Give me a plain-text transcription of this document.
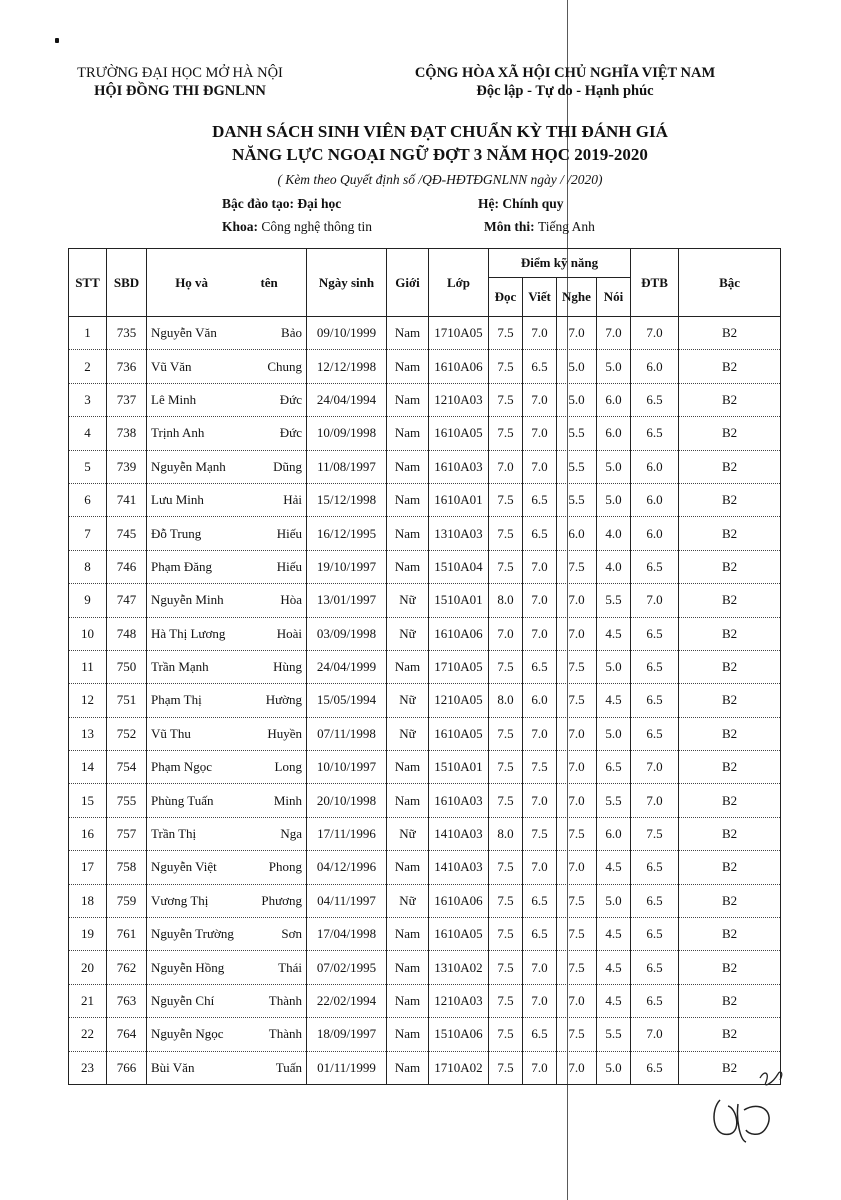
TRƯỜNG ĐẠI HỌC MỞ HÀ NỘI
HỘI ĐỒNG THI ĐGNLNN
CỘNG HÒA XÃ HỘI CHỦ NGHĨA VIỆT NAM
Độc lập - Tự do - Hạnh phúc
DANH SÁCH SINH VIÊN ĐẠT CHUẨN KỲ THI ĐÁNH GIÁ
NĂNG LỰC NGOẠI NGỮ ĐỢT 3 NĂM HỌC 2019-2020
( Kèm theo Quyết định số /QĐ-HĐTĐGNLNN ngày / /2020)
Bậc đào tạo: Đại học	Hệ: Chính quy
Khoa: Công nghệ thông tin	Môn thi: Tiếng Anh
STT	SBD	Họ và tên	Ngày sinh	Giới	Lớp	Điểm kỹ năng				ĐTB	Bậc
						Đọc	Viết	Nghe	Nói		
1	735	Nguyễn Văn Bảo	09/10/1999	Nam	1710A05	7.5	7.0	7.0	7.0	7.0	B2
2	736	Vũ Văn Chung	12/12/1998	Nam	1610A06	7.5	6.5	5.0	5.0	6.0	B2
3	737	Lê Minh Đức	24/04/1994	Nam	1210A03	7.5	7.0	5.0	6.0	6.5	B2
4	738	Trịnh Anh Đức	10/09/1998	Nam	1610A05	7.5	7.0	5.5	6.0	6.5	B2
5	739	Nguyễn Mạnh Dũng	11/08/1997	Nam	1610A03	7.0	7.0	5.5	5.0	6.0	B2
6	741	Lưu Minh Hải	15/12/1998	Nam	1610A01	7.5	6.5	5.5	5.0	6.0	B2
7	745	Đỗ Trung Hiếu	16/12/1995	Nam	1310A03	7.5	6.5	6.0	4.0	6.0	B2
8	746	Phạm Đăng Hiếu	19/10/1997	Nam	1510A04	7.5	7.0	7.5	4.0	6.5	B2
9	747	Nguyễn Minh Hòa	13/01/1997	Nữ	1510A01	8.0	7.0	7.0	5.5	7.0	B2
10	748	Hà Thị Lương Hoài	03/09/1998	Nữ	1610A06	7.0	7.0	7.0	4.5	6.5	B2
11	750	Trần Mạnh Hùng	24/04/1999	Nam	1710A05	7.5	6.5	7.5	5.0	6.5	B2
12	751	Phạm Thị Hường	15/05/1994	Nữ	1210A05	8.0	6.0	7.5	4.5	6.5	B2
13	752	Vũ Thu Huyền	07/11/1998	Nữ	1610A05	7.5	7.0	7.0	5.0	6.5	B2
14	754	Phạm Ngọc Long	10/10/1997	Nam	1510A01	7.5	7.5	7.0	6.5	7.0	B2
15	755	Phùng Tuấn Minh	20/10/1998	Nam	1610A03	7.5	7.0	7.0	5.5	7.0	B2
16	757	Trần Thị Nga	17/11/1996	Nữ	1410A03	8.0	7.5	7.5	6.0	7.5	B2
17	758	Nguyễn Việt Phong	04/12/1996	Nam	1410A03	7.5	7.0	7.0	4.5	6.5	B2
18	759	Vương Thị Phương	04/11/1997	Nữ	1610A06	7.5	6.5	7.5	5.0	6.5	B2
19	761	Nguyễn Trường Sơn	17/04/1998	Nam	1610A05	7.5	6.5	7.5	4.5	6.5	B2
20	762	Nguyễn Hồng Thái	07/02/1995	Nam	1310A02	7.5	7.0	7.5	4.5	6.5	B2
21	763	Nguyễn Chí Thành	22/02/1994	Nam	1210A03	7.5	7.0	7.0	4.5	6.5	B2
22	764	Nguyễn Ngọc Thành	18/09/1997	Nam	1510A06	7.5	6.5	7.5	5.5	7.0	B2
23	766	Bùi Văn Tuấn	01/11/1999	Nam	1710A02	7.5	7.0	7.0	5.0	6.5	B2
